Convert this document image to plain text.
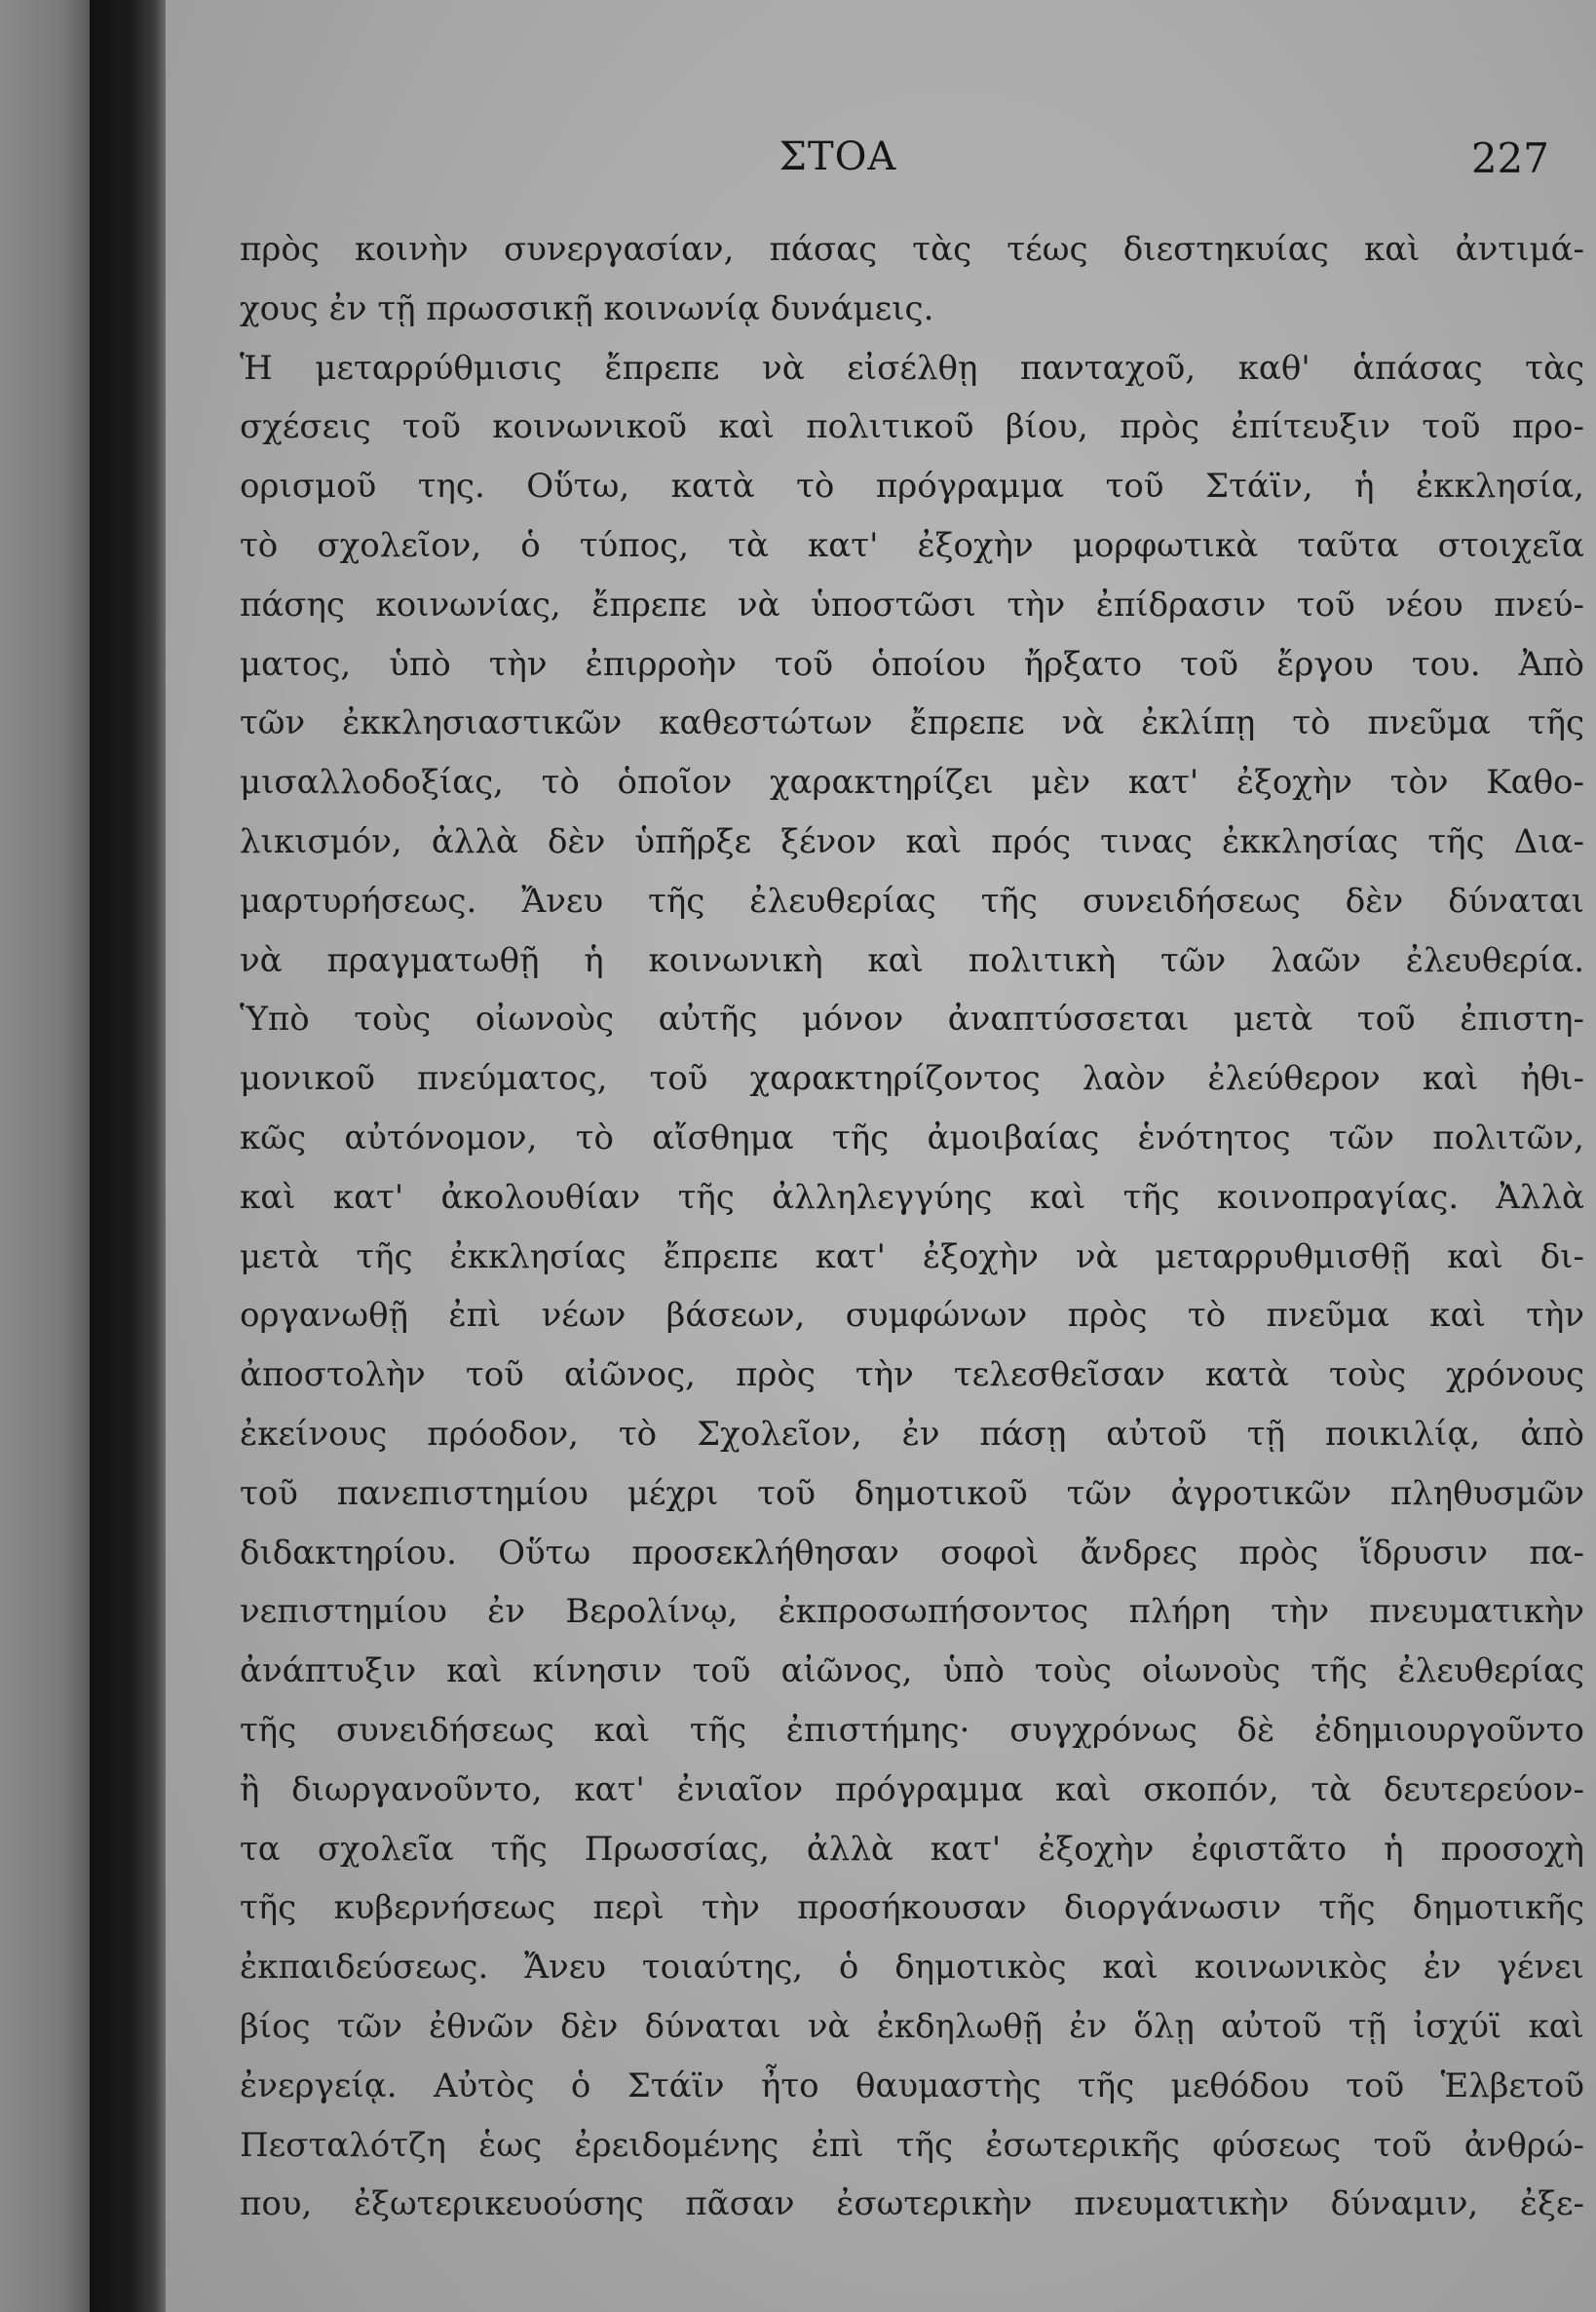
ΣΤΟΑ	227
πρὸς κοινὴν συνεργασίαν, πάσας τὰς τέως διεστηκυίας καὶ ἀντιμά-
χους ἐν τῇ πρωσσικῇ κοινωνίᾳ δυνάμεις.
Ἡ μεταρρύθμισις ἔπρεπε νὰ εἰσέλθῃ πανταχοῦ, καθ' ἁπάσας τὰς
σχέσεις τοῦ κοινωνικοῦ καὶ πολιτικοῦ βίου, πρὸς ἐπίτευξιν τοῦ προ-
ορισμοῦ της. Οὕτω, κατὰ τὸ πρόγραμμα τοῦ Στάϊν, ἡ ἐκκλησία,
τὸ σχολεῖον, ὁ τύπος, τὰ κατ' ἐξοχὴν μορφωτικὰ ταῦτα στοιχεῖα
πάσης κοινωνίας, ἔπρεπε νὰ ὑποστῶσι τὴν ἐπίδρασιν τοῦ νέου πνεύ-
ματος, ὑπὸ τὴν ἐπιρροὴν τοῦ ὁποίου ἤρξατο τοῦ ἔργου του. Ἀπὸ
τῶν ἐκκλησιαστικῶν καθεστώτων ἔπρεπε νὰ ἐκλίπῃ τὸ πνεῦμα τῆς
μισαλλοδοξίας, τὸ ὁποῖον χαρακτηρίζει μὲν κατ' ἐξοχὴν τὸν Καθο-
λικισμόν, ἀλλὰ δὲν ὑπῆρξε ξένον καὶ πρός τινας ἐκκλησίας τῆς Δια-
μαρτυρήσεως. Ἄνευ τῆς ἐλευθερίας τῆς συνειδήσεως δὲν δύναται
νὰ πραγματωθῇ ἡ κοινωνικὴ καὶ πολιτικὴ τῶν λαῶν ἐλευθερία.
Ὑπὸ τοὺς οἰωνοὺς αὐτῆς μόνον ἀναπτύσσεται μετὰ τοῦ ἐπιστη-
μονικοῦ πνεύματος, τοῦ χαρακτηρίζοντος λαὸν ἐλεύθερον καὶ ἠθι-
κῶς αὐτόνομον, τὸ αἴσθημα τῆς ἀμοιβαίας ἑνότητος τῶν πολιτῶν,
καὶ κατ' ἀκολουθίαν τῆς ἀλληλεγγύης καὶ τῆς κοινοπραγίας. Ἀλλὰ
μετὰ τῆς ἐκκλησίας ἔπρεπε κατ' ἐξοχὴν νὰ μεταρρυθμισθῇ καὶ δι-
οργανωθῇ ἐπὶ νέων βάσεων, συμφώνων πρὸς τὸ πνεῦμα καὶ τὴν
ἀποστολὴν τοῦ αἰῶνος, πρὸς τὴν τελεσθεῖσαν κατὰ τοὺς χρόνους
ἐκείνους πρόοδον, τὸ Σχολεῖον, ἐν πάσῃ αὐτοῦ τῇ ποικιλίᾳ, ἀπὸ
τοῦ πανεπιστημίου μέχρι τοῦ δημοτικοῦ τῶν ἀγροτικῶν πληθυσμῶν
διδακτηρίου. Οὕτω προσεκλήθησαν σοφοὶ ἄνδρες πρὸς ἵδρυσιν πα-
νεπιστημίου ἐν Βερολίνῳ, ἐκπροσωπήσοντος πλήρη τὴν πνευματικὴν
ἀνάπτυξιν καὶ κίνησιν τοῦ αἰῶνος, ὑπὸ τοὺς οἰωνοὺς τῆς ἐλευθερίας
τῆς συνειδήσεως καὶ τῆς ἐπιστήμης· συγχρόνως δὲ ἐδημιουργοῦντο
ἢ διωργανοῦντο, κατ' ἐνιαῖον πρόγραμμα καὶ σκοπόν, τὰ δευτερεύον-
τα σχολεῖα τῆς Πρωσσίας, ἀλλὰ κατ' ἐξοχὴν ἐφιστᾶτο ἡ προσοχὴ
τῆς κυβερνήσεως περὶ τὴν προσήκουσαν διοργάνωσιν τῆς δημοτικῆς
ἐκπαιδεύσεως. Ἄνευ τοιαύτης, ὁ δημοτικὸς καὶ κοινωνικὸς ἐν γένει
βίος τῶν ἐθνῶν δὲν δύναται νὰ ἐκδηλωθῇ ἐν ὅλῃ αὐτοῦ τῇ ἰσχύϊ καὶ
ἐνεργείᾳ. Αὐτὸς ὁ Στάϊν ἦτο θαυμαστὴς τῆς μεθόδου τοῦ Ἑλβετοῦ
Πεσταλότζη ἑως ἐρειδομένης ἐπὶ τῆς ἐσωτερικῆς φύσεως τοῦ ἀνθρώ-
που, ἐξωτερικευούσης πᾶσαν ἐσωτερικὴν πνευματικὴν δύναμιν, ἐξε-
